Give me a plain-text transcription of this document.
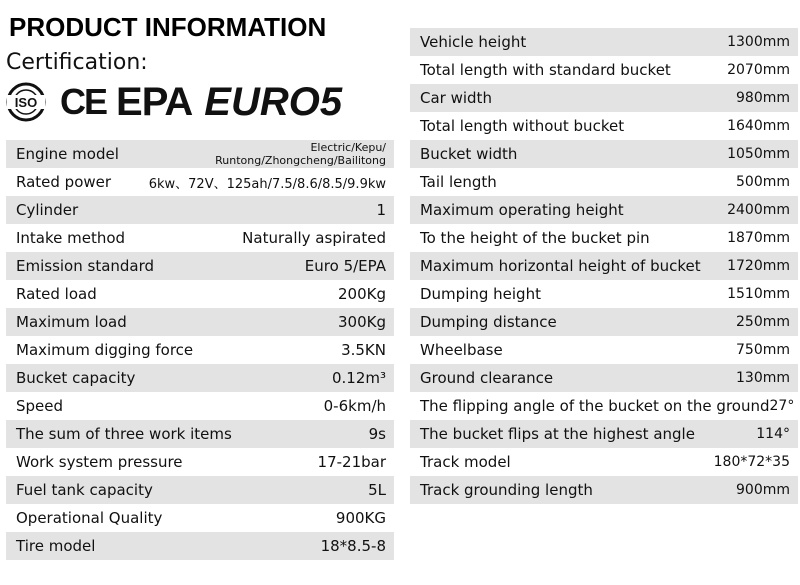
PRODUCT INFORMATION
Certification:
ISO CE EPA EURO5
Engine model	Electric/Kepu/
Runtong/Zhongcheng/Bailitong
Rated power	6kw、72V、125ah/7.5/8.6/8.5/9.9kw
Cylinder	1
Intake method	Naturally aspirated
Emission standard	Euro 5/EPA
Rated load	200Kg
Maximum load	300Kg
Maximum digging force	3.5KN
Bucket capacity	0.12m³
Speed	0-6km/h
The sum of three work items	9s
Work system pressure	17-21bar
Fuel tank capacity	5L
Operational Quality	900KG
Tire model	18*8.5-8
Vehicle height	1300mm
Total length with standard bucket	2070mm
Car width	980mm
Total length without bucket	1640mm
Bucket width	1050mm
Tail length	500mm
Maximum operating height	2400mm
To the height of the bucket pin	1870mm
Maximum horizontal height of bucket 1720mm
Dumping height	1510mm
Dumping distance	250mm
Wheelbase	750mm
Ground clearance	130mm
The flipping angle of the bucket on the ground 27°
The bucket flips at the highest angle	114°
Track model	180*72*35
Track grounding length	900mm
